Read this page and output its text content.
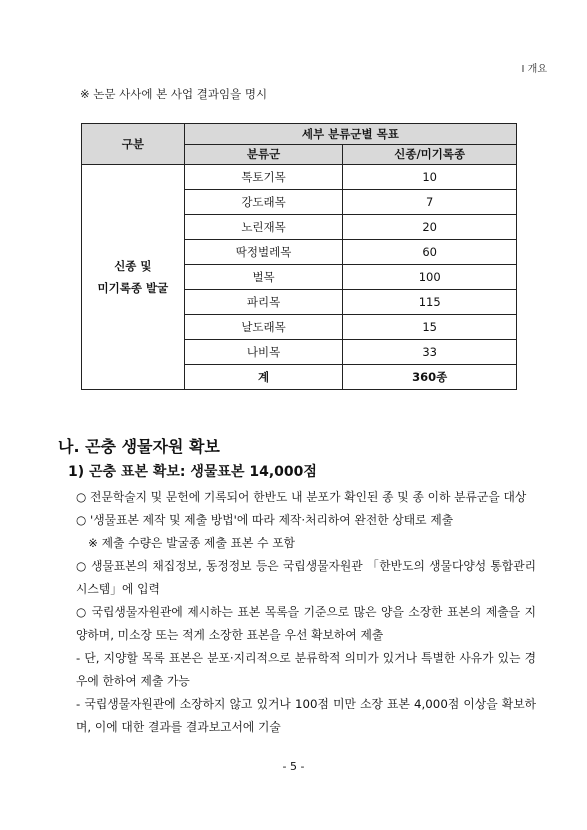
Ⅰ 개요
※ 논문 사사에 본 사업 결과임을 명시
구분	세부 분류군별 목표	
	분류군	신종/미기록종
신종 및
미기록종 발굴	톡토기목	10
	강도래목	7
	노린재목	20
	딱정벌레목	60
	벌목	100
	파리목	115
	날도래목	15
	나비목	33
	계	360종
나. 곤충 생물자원 확보
1) 곤충 표본 확보: 생물표본 14,000점
○ 전문학술지 및 문헌에 기록되어 한반도 내 분포가 확인된 종 및 종 이하 분류군을 대상
○ '생물표본 제작 및 제출 방법'에 따라 제작·처리하여 완전한 상태로 제출
※ 제출 수량은 발굴종 제출 표본 수 포함
○ 생물표본의 채집정보, 동정정보 등은 국립생물자원관 「한반도의 생물다양성 통합관리시스템」에 입력
○ 국립생물자원관에 제시하는 표본 목록을 기준으로 많은 양을 소장한 표본의 제출을 지양하며, 미소장 또는 적게 소장한 표본을 우선 확보하여 제출
- 단, 지양할 목록 표본은 분포·지리적으로 분류학적 의미가 있거나 특별한 사유가 있는 경우에 한하여 제출 가능
- 국립생물자원관에 소장하지 않고 있거나 100점 미만 소장 표본 4,000점 이상을 확보하며, 이에 대한 결과를 결과보고서에 기술
- 5 -
